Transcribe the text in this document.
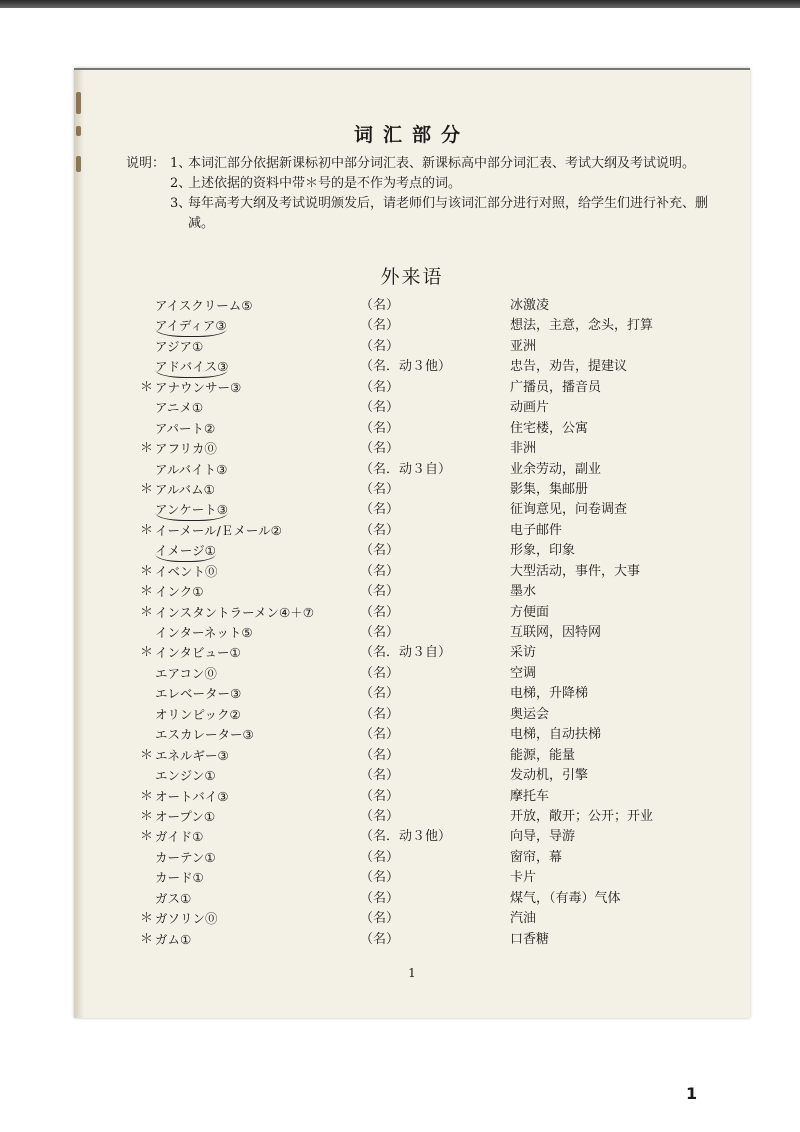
词汇部分
说明： 1、
本词汇部分依据新课标初中部分词汇表、新课标高中部分词汇表、考试大纲及考试说明。
2、
上述依据的资料中带＊号的是不作为考点的词。
3、
每年高考大纲及考试说明颁发后，请老师们与该词汇部分进行对照，给学生们进行补充、删减。
外来语
アイスクリーム⑤	（名）	冰激凌
アイディア③	（名）	想法，主意，念头，打算
アジア①	（名）	亚洲
アドバイス③	（名．动３他）	忠告，劝告，提建议
＊ アナウンサー③	（名）	广播员，播音员
アニメ①	（名）	动画片
アパート②	（名）	住宅楼，公寓
＊ アフリカ⓪	（名）	非洲
アルバイト③	（名．动３自）	业余劳动，副业
＊ アルバム①	（名）	影集，集邮册
アンケート③	（名）	征询意见，问卷调查
＊ イーメール/Ｅメール②	（名）	电子邮件
イメージ①	（名）	形象，印象
＊ イベント⓪	（名）	大型活动，事件，大事
＊ インク①	（名）	墨水
＊ インスタントラーメン④＋⑦	（名）	方便面
インターネット⑤	（名）	互联网，因特网
＊ インタビュー①	（名．动３自）	采访
エアコン⓪	（名）	空调
エレベーター③	（名）	电梯，升降梯
オリンピック②	（名）	奥运会
エスカレーター③	（名）	电梯，自动扶梯
＊ エネルギー③	（名）	能源，能量
エンジン①	（名）	发动机，引擎
＊ オートバイ③	（名）	摩托车
＊ オープン①	（名）	开放，敞开；公开；开业
＊ ガイド①	（名．动３他）	向导，导游
カーテン①	（名）	窗帘，幕
カード①	（名）	卡片
ガス①	（名）	煤气，（有毒）气体
＊ ガソリン⓪	（名）	汽油
＊ ガム①	（名）	口香糖
1
1
